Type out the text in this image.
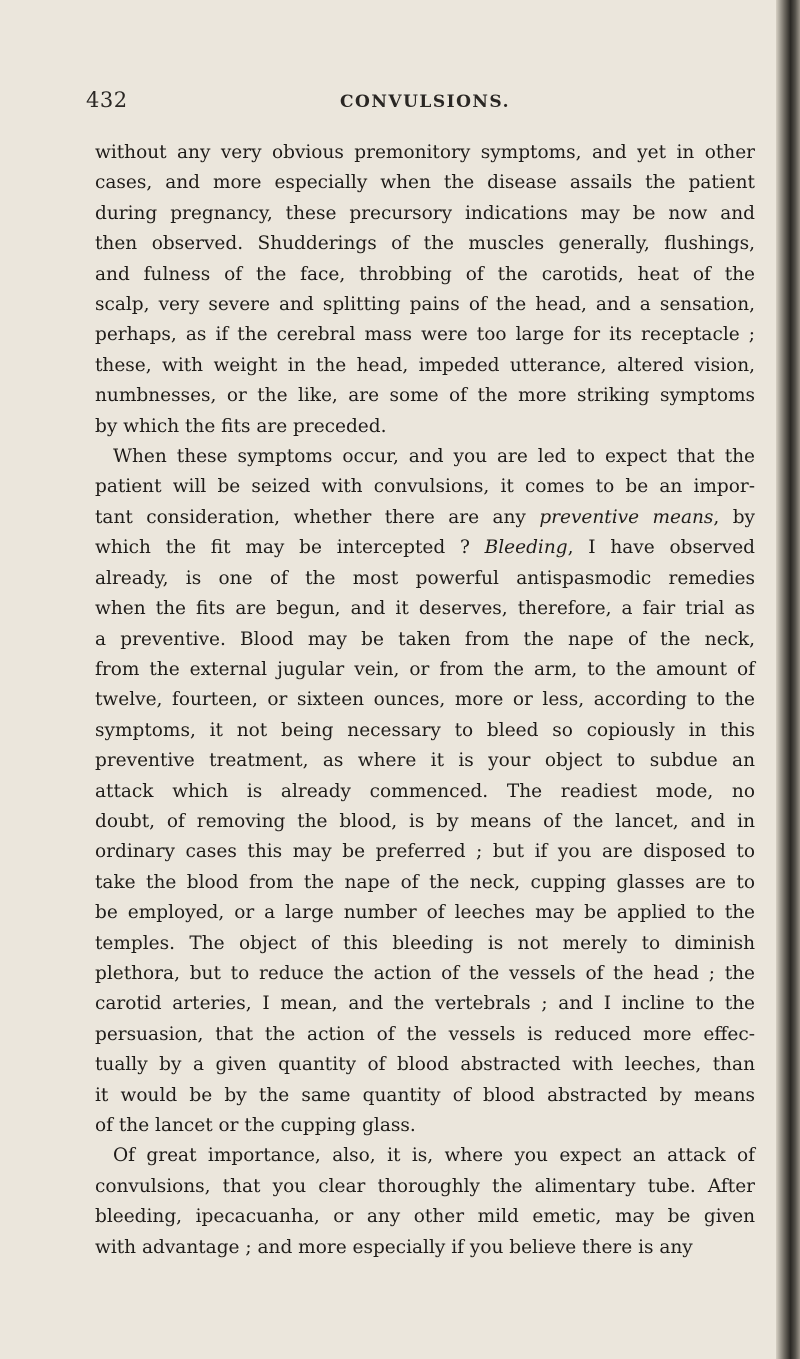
432	CONVULSIONS.
without any very obvious premonitory symptoms, and yet in other
cases, and more especially when the disease assails the patient
during pregnancy, these precursory indications may be now and
then observed. Shudderings of the muscles generally, flushings,
and fulness of the face, throbbing of the carotids, heat of the
scalp, very severe and splitting pains of the head, and a sensation,
perhaps, as if the cerebral mass were too large for its receptacle ;
these, with weight in the head, impeded utterance, altered vision,
numbnesses, or the like, are some of the more striking symptoms
by which the fits are preceded.
When these symptoms occur, and you are led to expect that the
patient will be seized with convulsions, it comes to be an impor-
tant consideration, whether there are any preventive means, by
which the fit may be intercepted ? Bleeding, I have observed
already, is one of the most powerful antispasmodic remedies
when the fits are begun, and it deserves, therefore, a fair trial as
a preventive. Blood may be taken from the nape of the neck,
from the external jugular vein, or from the arm, to the amount of
twelve, fourteen, or sixteen ounces, more or less, according to the
symptoms, it not being necessary to bleed so copiously in this
preventive treatment, as where it is your object to subdue an
attack which is already commenced. The readiest mode, no
doubt, of removing the blood, is by means of the lancet, and in
ordinary cases this may be preferred ; but if you are disposed to
take the blood from the nape of the neck, cupping glasses are to
be employed, or a large number of leeches may be applied to the
temples. The object of this bleeding is not merely to diminish
plethora, but to reduce the action of the vessels of the head ; the
carotid arteries, I mean, and the vertebrals ; and I incline to the
persuasion, that the action of the vessels is reduced more effec-
tually by a given quantity of blood abstracted with leeches, than
it would be by the same quantity of blood abstracted by means
of the lancet or the cupping glass.
Of great importance, also, it is, where you expect an attack of
convulsions, that you clear thoroughly the alimentary tube. After
bleeding, ipecacuanha, or any other mild emetic, may be given
with advantage ; and more especially if you believe there is any
